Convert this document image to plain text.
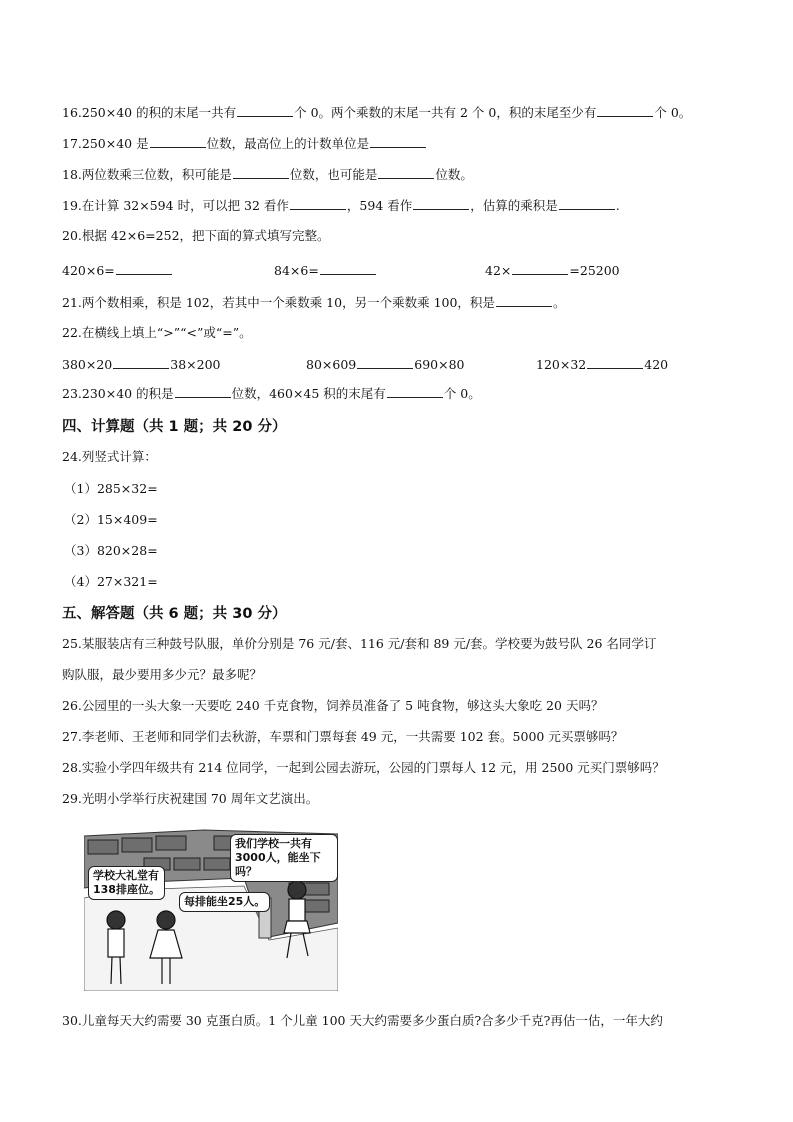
16.250×40 的积的末尾一共有	个 0。两个乘数的末尾一共有 2 个 0，积的末尾至少有	个 0。
17.250×40 是	位数，最高位上的计数单位是
18.两位数乘三位数，积可能是	位数，也可能是	位数。
19.在计算 32×594 时，可以把 32 看作	，594 看作	，估算的乘积是	.
20.根据 42×6=252，把下面的算式填写完整。
420×6=	84×6=	42×	=25200
21.两个数相乘，积是 102，若其中一个乘数乘 10，另一个乘数乘 100，积是	。
22.在横线上填上“>”“<”或“=”。
380×20	38×200	80×609	690×80	120×32	420
23.230×40 的积是	位数，460×45 积的末尾有	个 0。
四、计算题（共 1 题；共 20 分）
24.列竖式计算：
（1）285×32=
（2）15×409=
（3）820×28=
（4）27×321=
五、解答题（共 6 题；共 30 分）
25.某服装店有三种鼓号队服，单价分别是 76 元/套、116 元/套和 89 元/套。学校要为鼓号队 26 名同学订
购队服，最少要用多少元？最多呢？
26.公园里的一头大象一天要吃 240 千克食物，饲养员准备了 5 吨食物，够这头大象吃 20 天吗？
27.李老师、王老师和同学们去秋游，车票和门票每套 49 元，一共需要 102 套。5000 元买票够吗？
28.实验小学四年级共有 214 位同学，一起到公园去游玩，公园的门票每人 12 元，用 2500 元买门票够吗？
29.光明小学举行庆祝建国 70 周年文艺演出。
学校大礼堂有
138排座位。
每排能坐25人。
我们学校一共有
3000人，能坐下吗？
30.儿童每天大约需要 30 克蛋白质。1 个儿童 100 天大约需要多少蛋白质?合多少千克?再估一估，一年大约
